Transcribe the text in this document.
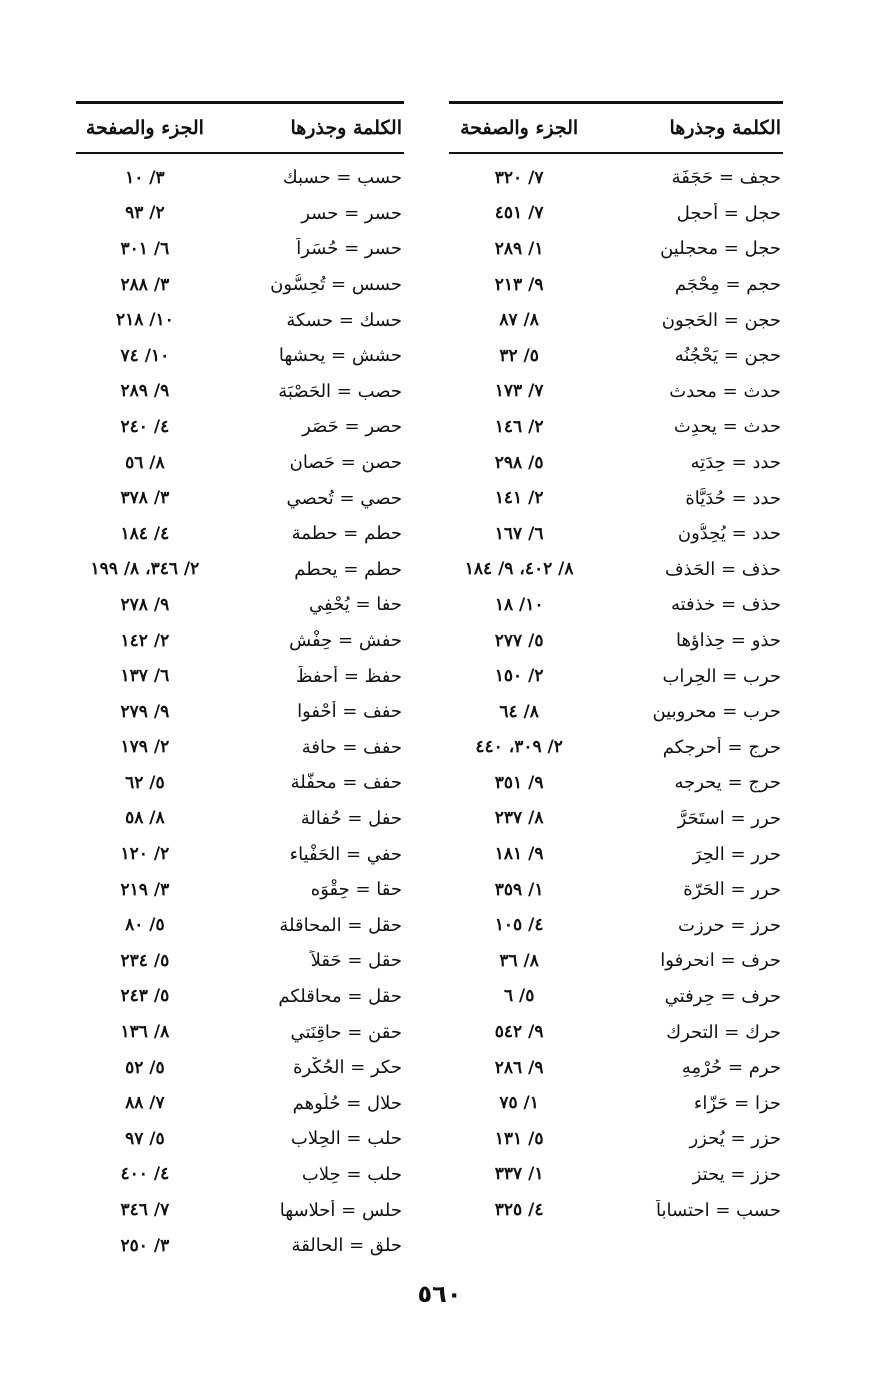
الكلمة وجذرها
الجزء والصفحة
حجف = حَجَفَة
٧/ ٣٢٠
حجل = أحجل
٧/ ٤٥١
حجل = محجلين
١/ ٢٨٩
حجم = مِحْجَم
٩/ ٢١٣
حجن = الحَجون
٨/ ٨٧
حجن = يَحْجُنُه
٥/ ٣٢
حدث = محدث
٧/ ١٧٣
حدث = يحدِث
٢/ ١٤٦
حدد = حِدَتِه
٥/ ٢٩٨
حدد = حُدَيَّاة
٢/ ١٤١
حدد = يُحِدُّون
٦/ ١٦٧
حذف = الحَذف
٨/ ٤٠٢، ٩/ ١٨٤
حذف = خذفته
١٠/ ١٨
حذو = حِذاؤها
٥/ ٢٧٧
حرب = الحِراب
٢/ ١٥٠
حرب = محروبين
٨/ ٦٤
حرج = أُحرجكم
٢/ ٣٠٩، ٤٤٠
حرج = يحرجه
٩/ ٣٥١
حرر = استَحَرَّ
٨/ ٢٣٧
حرر = الحِرَ
٩/ ١٨١
حرر = الحَرّة
١/ ٣٥٩
حرز = حرزت
٤/ ١٠٥
حرف = انحرفوا
٨/ ٣٦
حرف = حِرفتي
٥/ ٦
حرك = التحرك
٩/ ٥٤٢
حرم = حُرْمِهِ
٩/ ٢٨٦
حزا = حَزّاء
١/ ٧٥
حزر = يُحزر
٥/ ١٣١
حزز = يحتز
١/ ٣٣٧
حسب = احتساباً
٤/ ٣٢٥
الكلمة وجذرها
الجزء والصفحة
حسب = حسبك
٣/ ١٠
حسر = حسر
٢/ ٩٣
حسر = حُسَراً
٦/ ٣٠١
حسس = تُحِسُّون
٣/ ٢٨٨
حسك = حسكة
١٠/ ٢١٨
حشش = يحشها
١٠/ ٧٤
حصب = الحَصْبَة
٩/ ٢٨٩
حصر = حَصَر
٤/ ٢٤٠
حصن = حَصان
٨/ ٥٦
حصي = تُحصي
٣/ ٣٧٨
حطم = حطمة
٤/ ١٨٤
حطم = يحطم
٢/ ٣٤٦، ٨/ ١٩٩
حفا = يُحْفِي
٩/ ٢٧٨
حفش = حِفْش
٢/ ١٤٢
حفظ = أحفظَ
٦/ ١٣٧
حفف = أَحْفوا
٩/ ٢٧٩
حفف = حافة
٢/ ١٧٩
حفف = محفَّلة
٥/ ٦٢
حفل = حُفالة
٨/ ٥٨
حفي = الحَفْياء
٢/ ١٢٠
حقا = حِقْوَه
٣/ ٢١٩
حقل = المحاقلة
٥/ ٨٠
حقل = حَقلاً
٥/ ٢٣٤
حقل = محاقلكم
٥/ ٢٤٣
حقن = حاقِنَتي
٨/ ١٣٦
حكر = الحُكْرة
٥/ ٥٢
حلال = حُلُوهم
٧/ ٨٨
حلب = الحِلاب
٥/ ٩٧
حلب = حِلاب
٤/ ٤٠٠
حلس = أحلاسها
٧/ ٣٤٦
حلق = الحالقة
٣/ ٢٥٠
٥٦٠
